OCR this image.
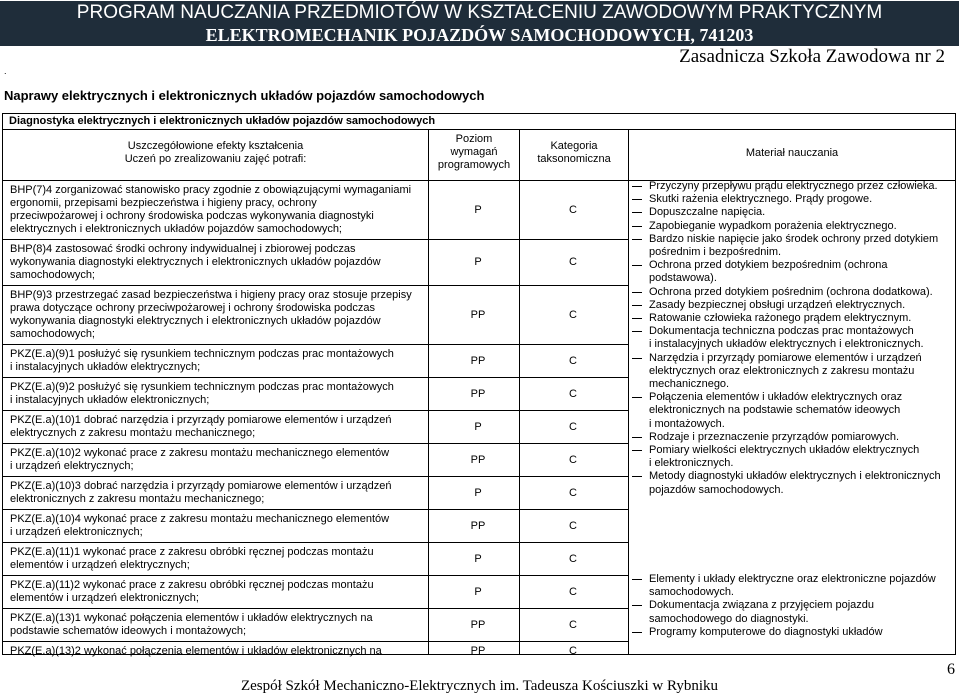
PROGRAM NAUCZANIA PRZEDMIOTÓW W KSZTAŁCENIU ZAWODOWYM PRAKTYCZNYM
ELEKTROMECHANIK POJAZDÓW SAMOCHODOWYCH, 741203
Zasadnicza Szkoła Zawodowa nr 2
.
Naprawy elektrycznych i elektronicznych układów pojazdów samochodowych
Diagnostyka elektrycznych i elektronicznych układów pojazdów samochodowych
Uszczegółowione efekty kształcenia
Uczeń po zrealizowaniu zajęć potrafi:
Poziom
wymagań
programowych
Kategoria
taksonomiczna	Materiał nauczania
BHP(7)4 zorganizować stanowisko pracy zgodnie z obowiązującymi wymaganiami
ergonomii, przepisami bezpieczeństwa i higieny pracy, ochrony
przeciwpożarowej i ochrony środowiska podczas wykonywania diagnostyki
elektrycznych i elektronicznych układów pojazdów samochodowych;
P	C
BHP(8)4 zastosować środki ochrony indywidualnej i zbiorowej podczas
wykonywania diagnostyki elektrycznych i elektronicznych układów pojazdów
samochodowych;
P	C
BHP(9)3 przestrzegać zasad bezpieczeństwa i higieny pracy oraz stosuje przepisy
prawa dotyczące ochrony przeciwpożarowej i ochrony środowiska podczas
wykonywania diagnostyki elektrycznych i elektronicznych układów pojazdów
samochodowych;
PP	C
PKZ(E.a)(9)1 posłużyć się rysunkiem technicznym podczas prac montażowych
i instalacyjnych układów elektrycznych;
PP	C
PKZ(E.a)(9)2 posłużyć się rysunkiem technicznym podczas prac montażowych
i instalacyjnych układów elektronicznych;
PP	C
PKZ(E.a)(10)1 dobrać narzędzia i przyrządy pomiarowe elementów i urządzeń
elektrycznych z zakresu montażu mechanicznego;
P	C
PKZ(E.a)(10)2 wykonać prace z zakresu montażu mechanicznego elementów
i urządzeń elektrycznych;
PP	C
PKZ(E.a)(10)3 dobrać narzędzia i przyrządy pomiarowe elementów i urządzeń
elektronicznych z zakresu montażu mechanicznego;
P	C
PKZ(E.a)(10)4 wykonać prace z zakresu montażu mechanicznego elementów
i urządzeń elektronicznych;
PP	C
PKZ(E.a)(11)1 wykonać prace z zakresu obróbki ręcznej podczas montażu
elementów i urządzeń elektrycznych;
P	C
PKZ(E.a)(11)2 wykonać prace z zakresu obróbki ręcznej podczas montażu
elementów i urządzeń elektronicznych;
P	C
PKZ(E.a)(13)1 wykonać połączenia elementów i układów elektrycznych na
podstawie schematów ideowych i montażowych;
PP	C
PKZ(E.a)(13)2 wykonać połączenia elementów i układów elektronicznych na	PP	C
Przyczyny przepływu prądu elektrycznego przez człowieka.
Skutki rażenia elektrycznego. Prądy progowe.
Dopuszczalne napięcia.
Zapobieganie wypadkom porażenia elektrycznego.
Bardzo niskie napięcie jako środek ochrony przed dotykiem
pośrednim i bezpośrednim.
Ochrona przed dotykiem bezpośrednim (ochrona
podstawowa).
Ochrona przed dotykiem pośrednim (ochrona dodatkowa).
Zasady bezpiecznej obsługi urządzeń elektrycznych.
Ratowanie człowieka rażonego prądem elektrycznym.
Dokumentacja techniczna podczas prac montażowych
i instalacyjnych układów elektrycznych i elektronicznych.
Narzędzia i przyrządy pomiarowe elementów i urządzeń
elektrycznych oraz elektronicznych z zakresu montażu
mechanicznego.
Połączenia elementów i układów elektrycznych oraz
elektronicznych na podstawie schematów ideowych
i montażowych.
Rodzaje i przeznaczenie przyrządów pomiarowych.
Pomiary wielkości elektrycznych układów elektrycznych
i elektronicznych.
Metody diagnostyki układów elektrycznych i elektronicznych
pojazdów samochodowych.
Elementy i układy elektryczne oraz elektroniczne pojazdów
samochodowych.
Dokumentacja związana z przyjęciem pojazdu
samochodowego do diagnostyki.
Programy komputerowe do diagnostyki układów
6
Zespół Szkół Mechaniczno-Elektrycznych im. Tadeusza Kościuszki w Rybniku
